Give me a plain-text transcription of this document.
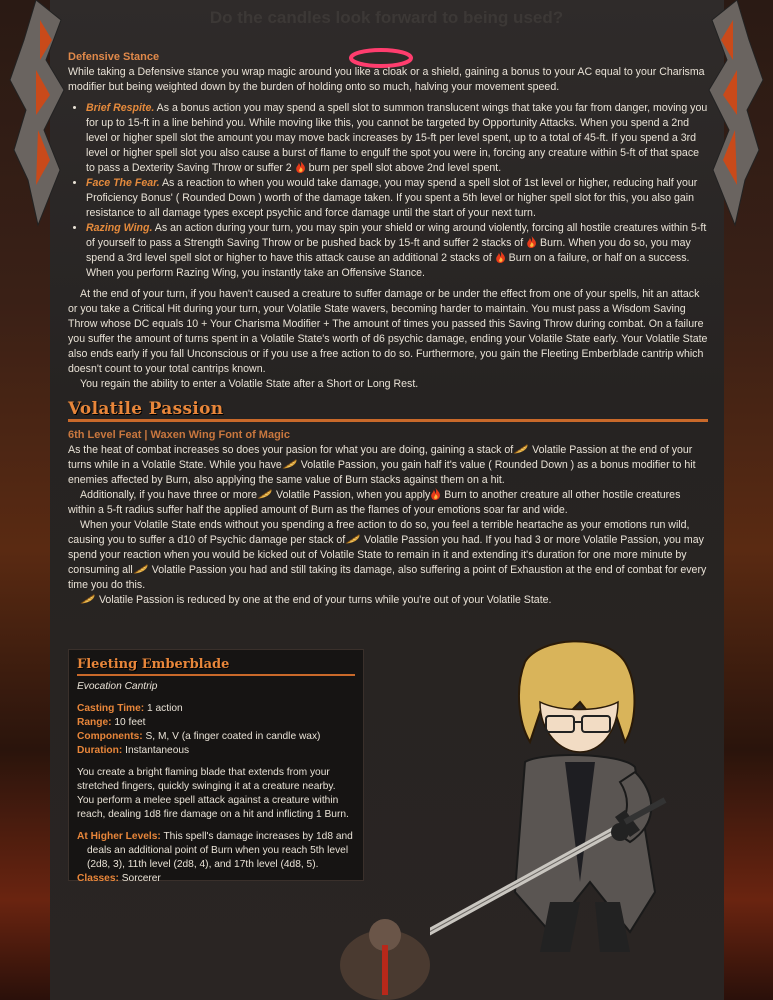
Do the candles look forward to being used?

Defensive Stance

While taking a Defensive stance you wrap magic around you like a cloak or a shield, gaining a bonus to your AC equal to your Charisma modifier but being weighted down by the burden of holding onto so much, halving your movement speed.

• Brief Respite. As a bonus action you may spend a spell slot to summon translucent wings that take you far from danger, moving you for up to 15-ft in a line behind you. While moving like this, you cannot be targeted by Opportunity Attacks. When you spend a 2nd level or higher spell slot the amount you may move back increases by 15-ft per level spent, up to a total of 45-ft. If you spend a 3rd level or higher spell slot you also cause a burst of flame to engulf the spot you were in, forcing any creature within 5-ft of that space to pass a Dexterity Saving Throw or suffer 2  burn per spell slot above 2nd level spent.
• Face The Fear. As a reaction to when you would take damage, you may spend a spell slot of 1st level or higher, reducing half your Proficiency Bonus' ( Rounded Down ) worth of the damage taken. If you spent a 5th level or higher spell slot for this, you also gain resistance to all damage types except psychic and force damage until the start of your next turn.
• Razing Wing. As an action during your turn, you may spin your shield or wing around violently, forcing all hostile creatures within 5-ft of yourself to pass a Strength Saving Throw or be pushed back by 15-ft and suffer 2 stacks of  Burn. When you do so, you may spend a 3rd level spell slot or higher to have this attack cause an additional 2 stacks of  Burn on a failure, or half on a success. When you perform Razing Wing, you instantly take an Offensive Stance.

At the end of your turn, if you haven't caused a creature to suffer damage or be under the effect from one of your spells, hit an attack or you take a Critical Hit during your turn, your Volatile State wavers, becoming harder to maintain. You must pass a Wisdom Saving Throw whose DC equals 10 + Your Charisma Modifier + The amount of times you passed this Saving Throw during combat. On a failure you suffer the amount of turns spent in a Volatile State's worth of d6 psychic damage, ending your Volatile State early. Your Volatile State also ends early if you fall Unconscious or if you use a free action to do so. Furthermore, you gain the Fleeting Emberblade cantrip which doesn't count to your total cantrips known.

You regain the ability to enter a Volatile State after a Short or Long Rest.

Volatile Passion

6th Level Feat | Waxen Wing Font of Magic

As the heat of combat increases so does your pasion for what you are doing, gaining a stack of Volatile Passion at the end of your turns while in a Volatile State. While you have Volatile Passion, you gain half it's value ( Rounded Down ) as a bonus modifier to hit enemies affected by Burn, also applying the same value of Burn stacks against them on a hit.

Additionally, if you have three or more Volatile Passion, when you apply Burn to another creature all other hostile creatures within a 5-ft radius suffer half the applied amount of Burn as the flames of your emotions soar far and wide.

When your Volatile State ends without you spending a free action to do so, you feel a terrible heartache as your emotions run wild, causing you to suffer a d10 of Psychic damage per stack of Volatile Passion you had. If you had 3 or more Volatile Passion, you may spend your reaction when you would be kicked out of Volatile State to remain in it and extending it's duration for one more minute by consuming all Volatile Passion you had and still taking its damage, also suffering a point of Exhaustion at the end of combat for every time you do this.

Volatile Passion is reduced by one at the end of your turns while you're out of your Volatile State.

Fleeting Emberblade
Evocation Cantrip
Casting Time: 1 action
Range: 10 feet
Components: S, M, V (a finger coated in candle wax)
Duration: Instantaneous
You create a bright flaming blade that extends from your stretched fingers, quickly swinging it at a creature nearby. You perform a melee spell attack against a creature within reach, dealing 1d8 fire damage on a hit and inflicting 1 Burn.
At Higher Levels: This spell's damage increases by 1d8 and deals an additional point of Burn when you reach 5th level (2d8, 3), 11th level (2d8, 4), and 17th level (4d8, 5).
Classes: Sorcerer
